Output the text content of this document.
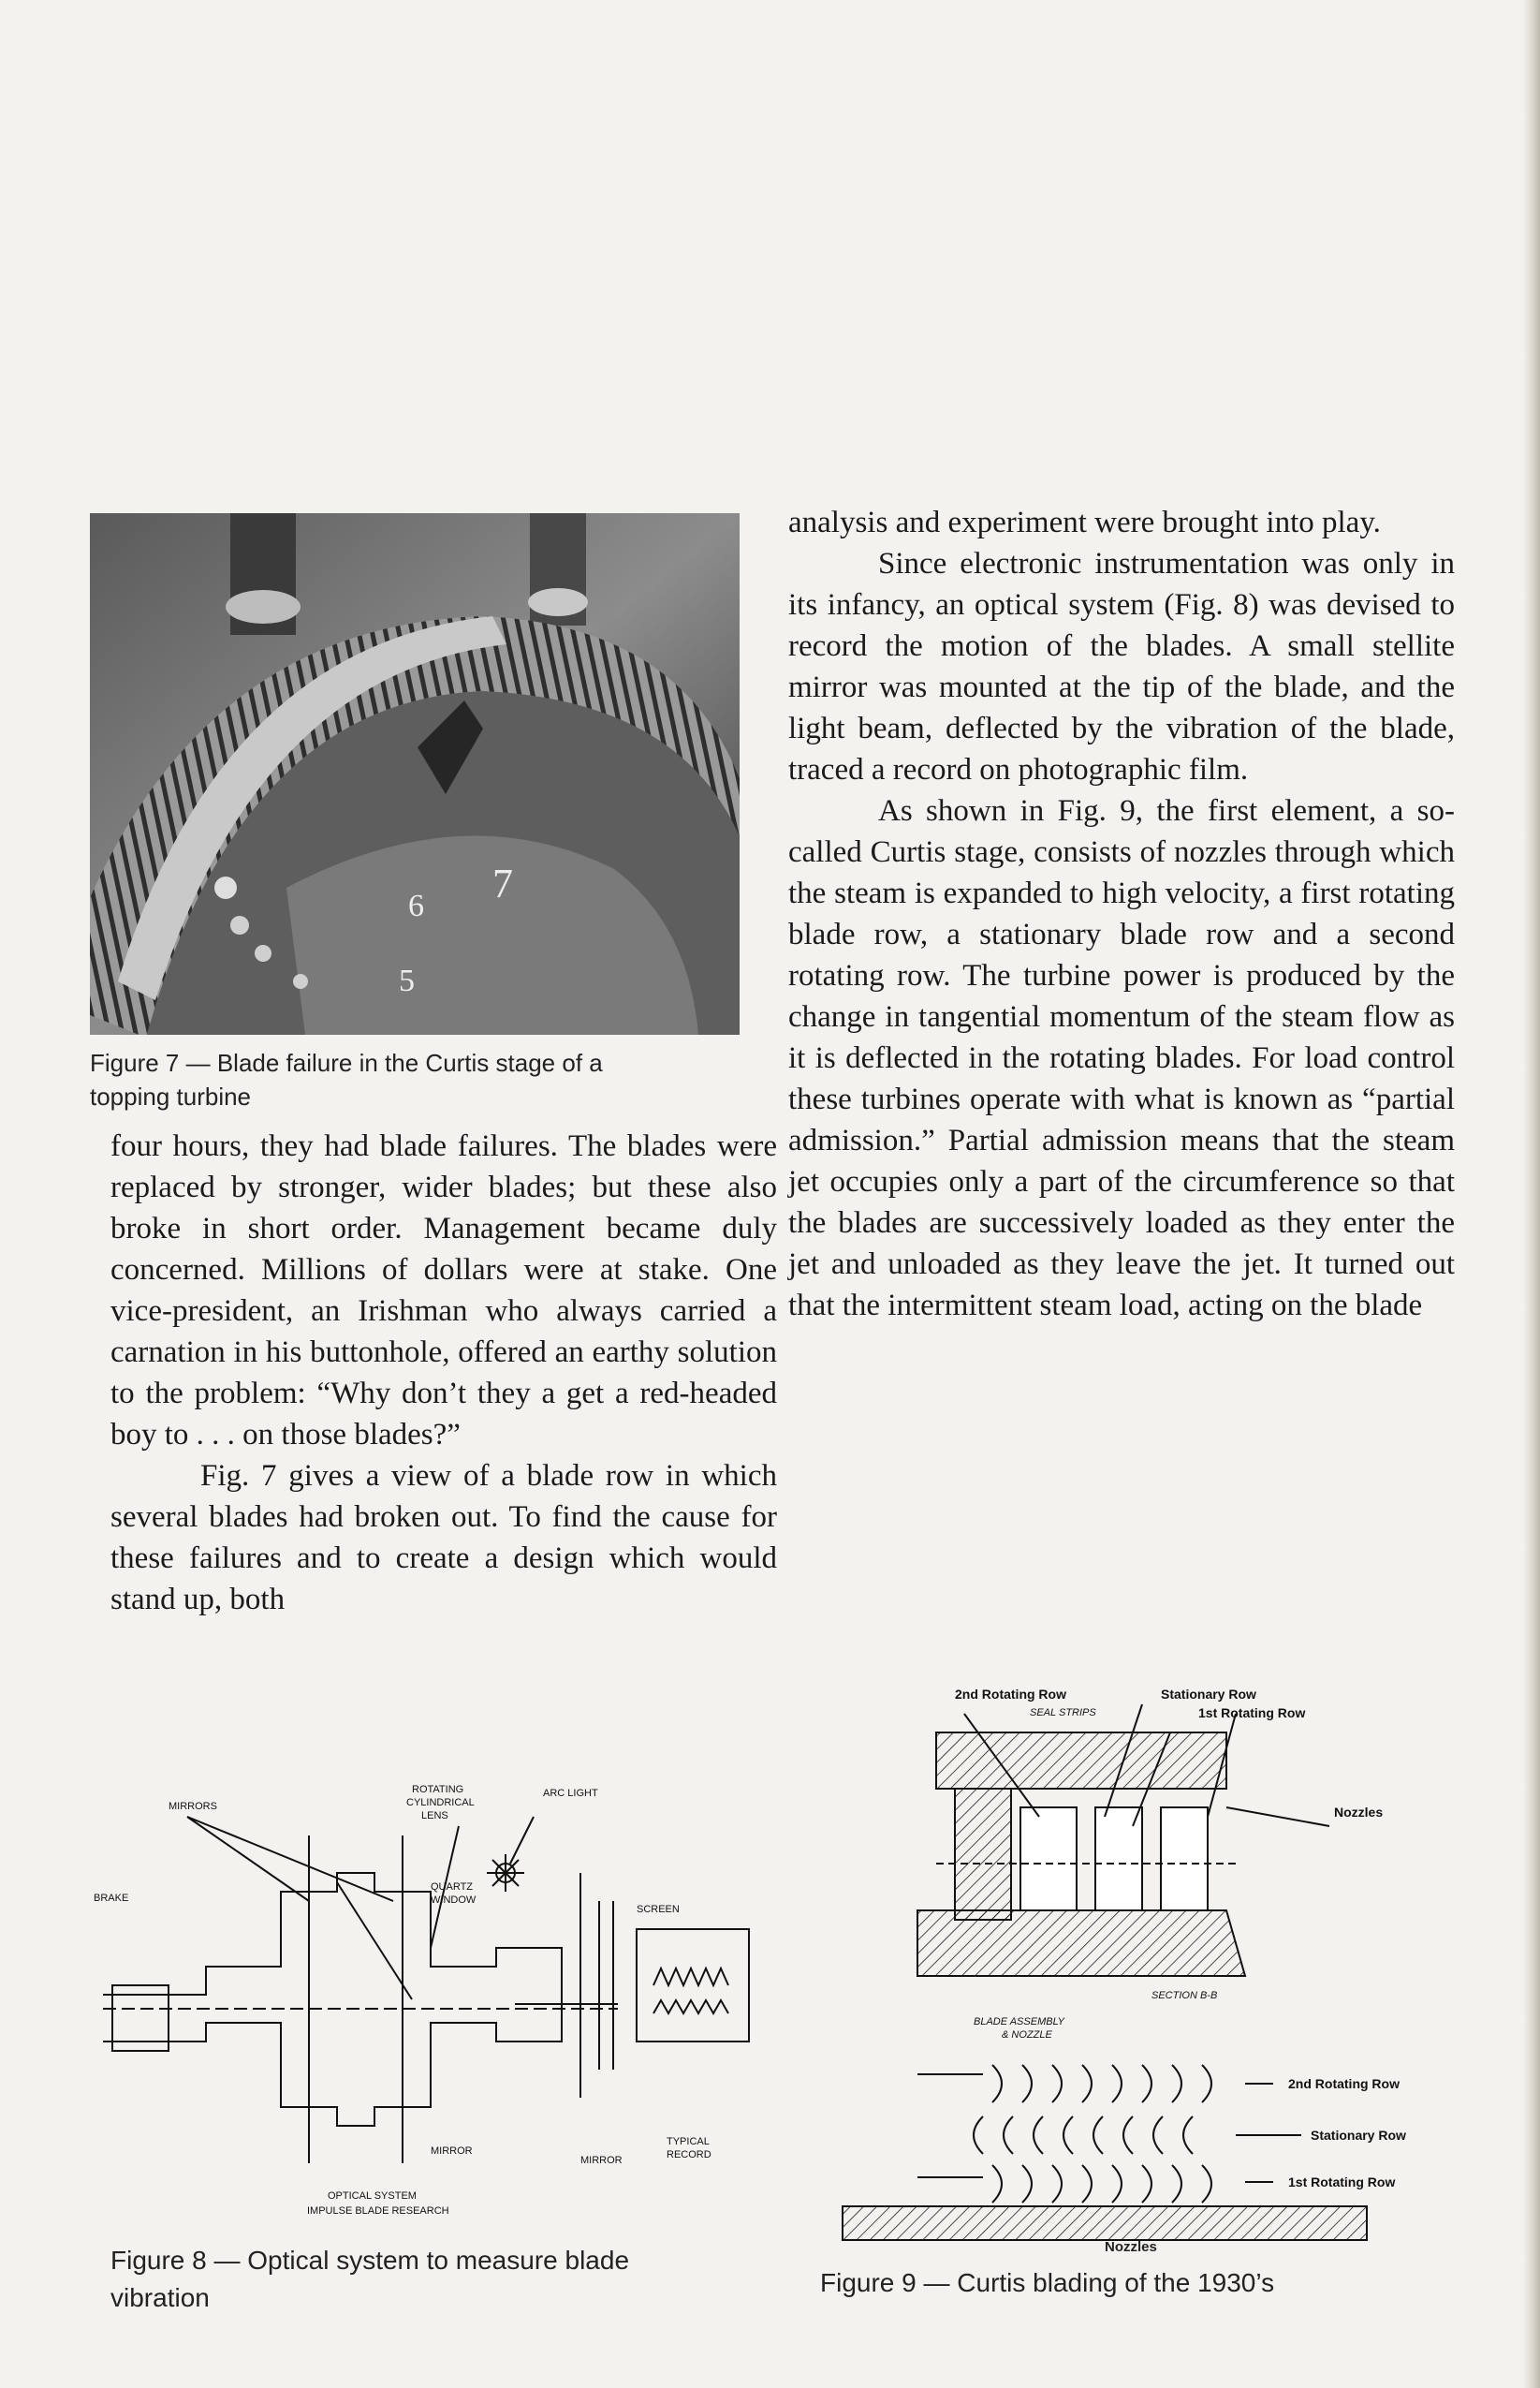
6 7
5
Figure 7 — Blade failure in the Curtis stage of a
topping turbine

four hours, they had blade failures. The blades were replaced by stronger, wider blades; but these also broke in short order. Management became duly concerned. Millions of dollars were at stake. One vice-president, an Irishman who always carried a carnation in his buttonhole, offered an earthy solution to the problem: “Why don’t they a get a red-headed boy to . . . on those blades?”

Fig. 7 gives a view of a blade row in which several blades had broken out. To find the cause for these failures and to create a design which would stand up, both

analysis and experiment were brought into play.

Since electronic instrumentation was only in its infancy, an optical system (Fig. 8) was devised to record the motion of the blades. A small stellite mirror was mounted at the tip of the blade, and the light beam, deflected by the vibration of the blade, traced a record on photographic film.

As shown in Fig. 9, the first element, a so-called Curtis stage, consists of nozzles through which the steam is expanded to high velocity, a first rotating blade row, a stationary blade row and a second rotating row. The turbine power is produced by the change in tangential momentum of the steam flow as it is deflected in the rotating blades. For load control these turbines operate with what is known as “partial admission.” Partial admission means that the steam jet occupies only a part of the circumference so that the blades are successively loaded as they enter the jet and unloaded as they leave the jet. It turned out that the intermittent steam load, acting on the blade

MIRRORS
ROTATING
CYLINDRICAL
LENS
ARC LIGHT
BRAKE
QUARTZ
WINDOW
SCREEN
MIRROR
MIRROR
TYPICAL
RECORD
OPTICAL SYSTEM
IMPULSE BLADE RESEARCH
Figure 8 — Optical system to measure blade
vibration
2nd Rotating Row	Stationary Row
SEAL STRIPS	1st Rotating Row
Nozzles
SECTION B-B
BLADE ASSEMBLY
& NOZZLE
2nd Rotating Row
Stationary Row
1st Rotating Row
Nozzles
Figure 9 — Curtis blading of the 1930’s
